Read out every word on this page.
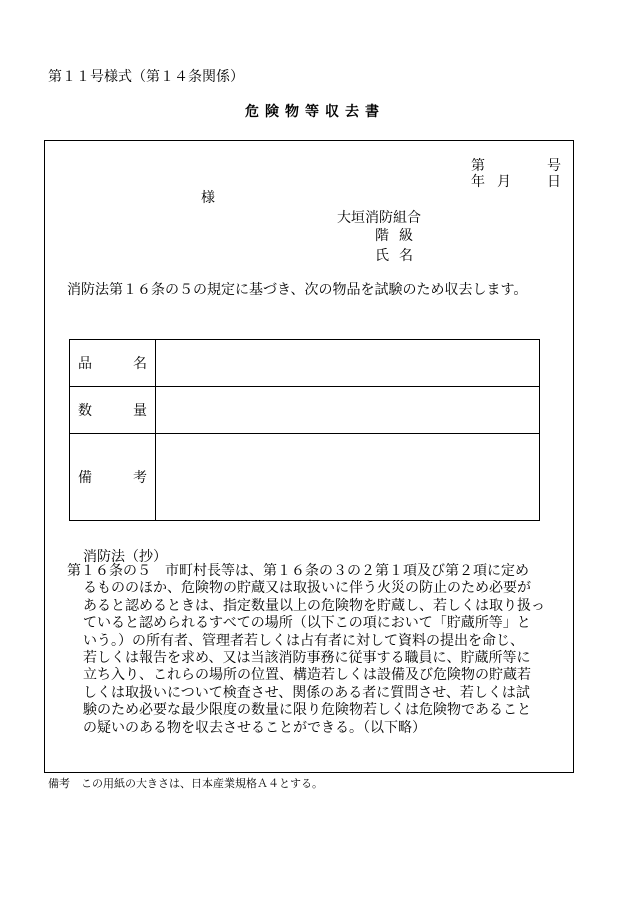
第１１号様式（第１４条関係）
危険物等収去書
第	号
年 月	日
様
大垣消防組合
階級
氏名
消防法第１６条の５の規定に基づき、次の物品を試験のため収去します。
品 名	

数 量	

備 考	

消防法（抄）
第１６条の５　市町村長等は、第１６条の３の２第１項及び第２項に定め
るもののほか、危険物の貯蔵又は取扱いに伴う火災の防止のため必要が
あると認めるときは、指定数量以上の危険物を貯蔵し、若しくは取り扱っ
ていると認められるすべての場所（以下この項において「貯蔵所等」と
いう。）の所有者、管理者若しくは占有者に対して資料の提出を命じ、
若しくは報告を求め、又は当該消防事務に従事する職員に、貯蔵所等に
立ち入り、これらの場所の位置、構造若しくは設備及び危険物の貯蔵若
しくは取扱いについて検査させ、関係のある者に質問させ、若しくは試
験のため必要な最少限度の数量に限り危険物若しくは危険物であること
の疑いのある物を収去させることができる。（以下略）
備考　この用紙の大きさは、日本産業規格Ａ４とする。
